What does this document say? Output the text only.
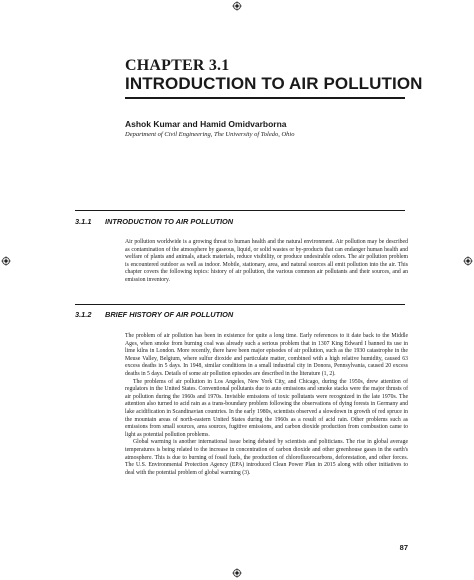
CHAPTER 3.1
INTRODUCTION TO AIR POLLUTION
Ashok Kumar and Hamid Omidvarborna
Department of Civil Engineering, The University of Toledo, Ohio
3.1.1 INTRODUCTION TO AIR POLLUTION

Air pollution worldwide is a growing threat to human health and the natural environment. Air pollution may be described as contamination of the atmosphere by gaseous, liquid, or solid wastes or by-products that can endanger human health and welfare of plants and animals, attack materials, reduce visibility, or produce undesirable odors. The air pollution problem is encountered outdoor as well as indoor. Mobile, stationary, area, and natural sources all emit pollution into the air. This chapter covers the following topics: history of air pollution, the various common air pollutants and their sources, and an emission inventory.

3.1.2 BRIEF HISTORY OF AIR POLLUTION

The problem of air pollution has been in existence for quite a long time. Early references to it date back to the Middle Ages, when smoke from burning coal was already such a serious problem that in 1307 King Edward I banned its use in lime kilns in London. More recently, there have been major episodes of air pollution, such as the 1930 catastrophe in the Meuse Valley, Belgium, where sulfur dioxide and particulate matter, combined with a high relative humidity, caused 63 excess deaths in 5 days. In 1948, similar conditions in a small industrial city in Donora, Pennsylvania, caused 20 excess deaths in 5 days. Details of some air pollution episodes are described in the literature (1, 2).

The problems of air pollution in Los Angeles, New York City, and Chicago, during the 1950s, drew attention of regulators in the United States. Conventional pollutants due to auto emissions and smoke stacks were the major thrusts of air pollution during the 1960s and 1970s. Invisible emissions of toxic pollutants were recognized in the late 1970s. The attention also turned to acid rain as a trans-boundary problem following the observations of dying forests in Germany and lake acidification in Scandinavian countries. In the early 1980s, scientists observed a slowdown in growth of red spruce in the mountain areas of north-eastern United States during the 1960s as a result of acid rain. Other problems such as emissions from small sources, area sources, fugitive emissions, and carbon dioxide production from combustion came to light as potential pollution problems.

Global warming is another international issue being debated by scientists and politicians. The rise in global average temperatures is being related to the increase in concentration of carbon dioxide and other greenhouse gases in the earth's atmosphere. This is due to burning of fossil fuels, the production of chlorofluorocarbons, deforestation, and other forces. The U.S. Environmental Protection Agency (EPA) introduced Clean Power Plan in 2015 along with other initiatives to deal with the potential problem of global warming (3).

87
